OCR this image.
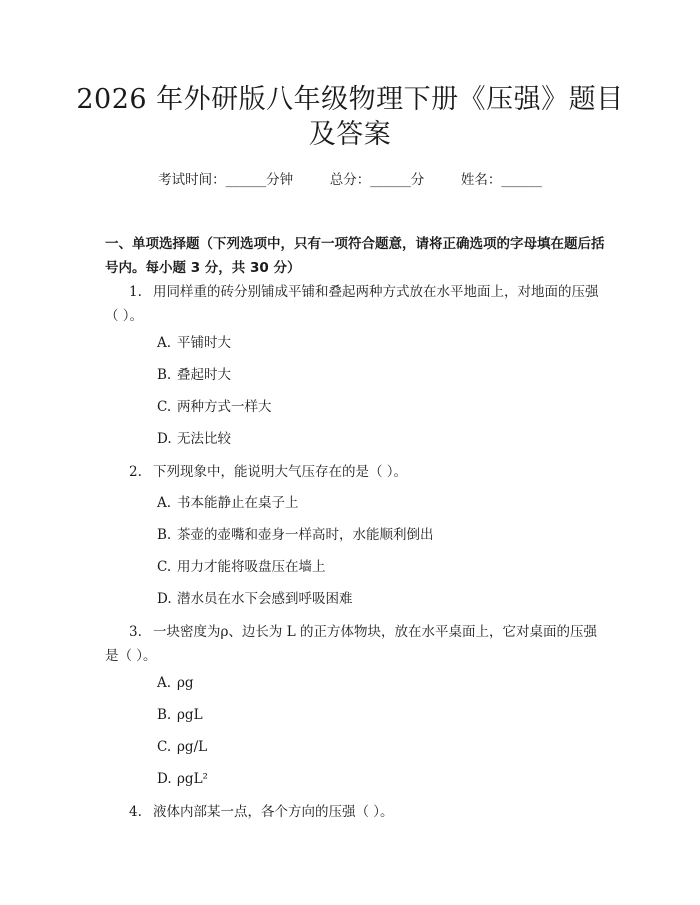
2026 年外研版八年级物理下册《压强》题目
及答案
考试时间：______分钟	总分：______分	姓名：______
一、单项选择题（下列选项中，只有一项符合题意，请将正确选项的字母填在题后括号内。每小题 3 分，共 30 分）
1. 用同样重的砖分别铺成平铺和叠起两种方式放在水平地面上，对地面的压强（ ）。
A. 平铺时大
B. 叠起时大
C. 两种方式一样大
D. 无法比较
2. 下列现象中，能说明大气压存在的是（ ）。
A. 书本能静止在桌子上
B. 茶壶的壶嘴和壶身一样高时，水能顺利倒出
C. 用力才能将吸盘压在墙上
D. 潜水员在水下会感到呼吸困难
3. 一块密度为ρ、边长为 L 的正方体物块，放在水平桌面上，它对桌面的压强是（ ）。
A. ρg
B. ρgL
C. ρg/L
D. ρgL²
4. 液体内部某一点，各个方向的压强（ ）。
